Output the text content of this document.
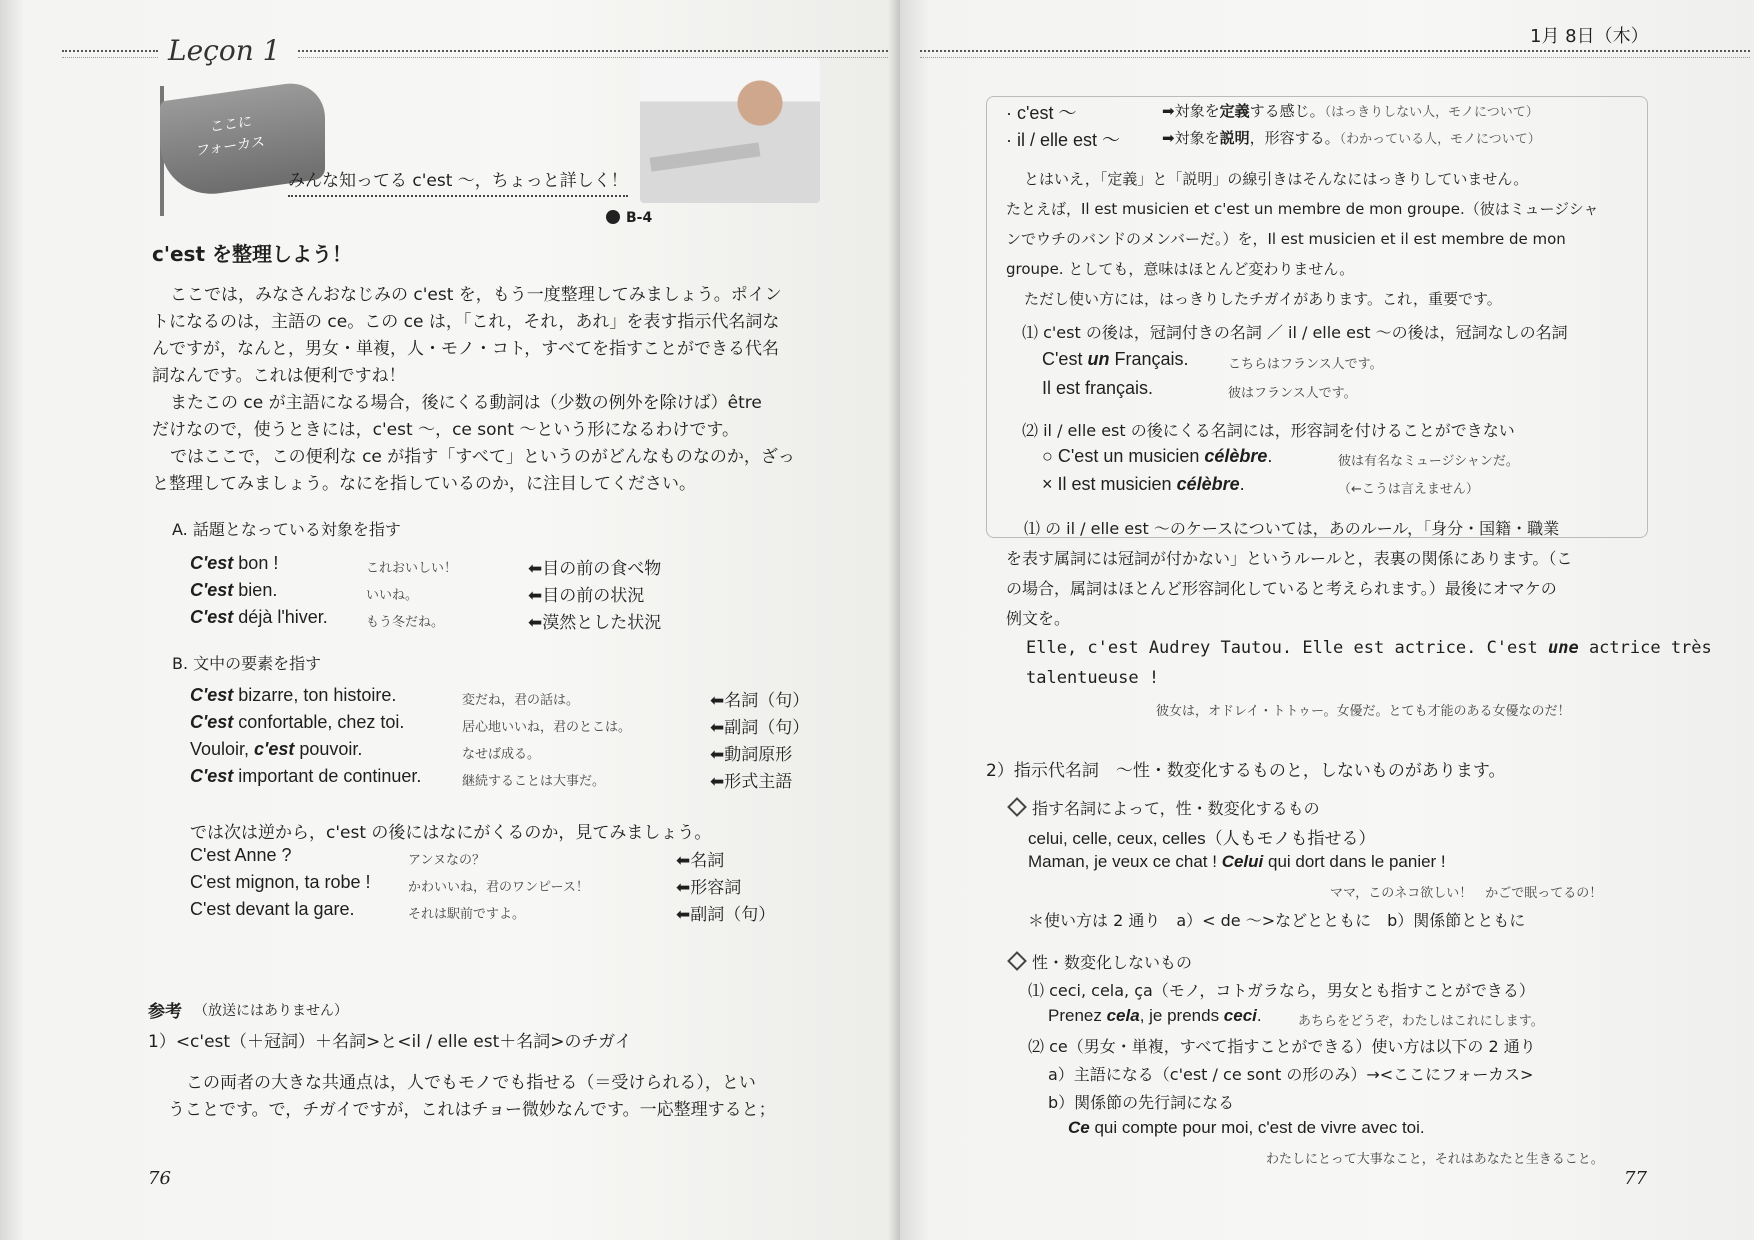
Leçon 1
ここに
フォーカス
みんな知ってる c'est 〜，ちょっと詳しく！
B-4
c'est を整理しよう！
ここでは，みなさんおなじみの c'est を，もう一度整理してみましょう。ポイン
トになるのは，主語の ce。この ce は，「これ，それ，あれ」を表す指示代名詞な
んですが，なんと，男女・単複，人・モノ・コト，すべてを指すことができる代名
詞なんです。これは便利ですね！
またこの ce が主語になる場合，後にくる動詞は（少数の例外を除けば）être
だけなので，使うときには，c'est 〜，ce sont 〜という形になるわけです。
ではここで，この便利な ce が指す「すべて」というのがどんなものなのか，ざっ
と整理してみましょう。なにを指しているのか，に注目してください。
A. 話題となっている対象を指す
C'est bon !	これおいしい！	⬅目の前の食べ物
C'est bien.	いいね。	⬅目の前の状況
C'est déjà l'hiver.	もう冬だね。	⬅漠然とした状況
B. 文中の要素を指す
C'est bizarre, ton histoire.	変だね，君の話は。	⬅名詞（句）
C'est confortable, chez toi.	居心地いいね，君のとこは。	⬅副詞（句）
Vouloir, c'est pouvoir.	なせば成る。	⬅動詞原形
C'est important de continuer.	継続することは大事だ。	⬅形式主語
では次は逆から，c'est の後にはなにがくるのか，見てみましょう。
C'est Anne ?	アンヌなの？	⬅名詞
C'est mignon, ta robe !	かわいいね，君のワンピース！	⬅形容詞
C'est devant la gare.	それは駅前ですよ。	⬅副詞（句）
参考 （放送にはありません）
1）<c'est（＋冠詞）＋名詞>と<il / elle est＋名詞>のチガイ
この両者の大きな共通点は，人でもモノでも指せる（＝受けられる），とい
うことです。で，チガイですが，これはチョー微妙なんです。一応整理すると；
76
1月 8日（木）
· c'est 〜	➡対象を定義する感じ。（はっきりしない人，モノについて）
· il / elle est 〜	➡対象を説明，形容する。（わかっている人，モノについて）
とはいえ，「定義」と「説明」の線引きはそんなにはっきりしていません。
たとえば，Il est musicien et c'est un membre de mon groupe.（彼はミュージシャ
ンでウチのバンドのメンバーだ。）を，Il est musicien et il est membre de mon
groupe. としても，意味はほとんど変わりません。
ただし使い方には，はっきりしたチガイがあります。これ，重要です。
⑴ c'est の後は，冠詞付きの名詞 ／ il / elle est 〜の後は，冠詞なしの名詞
C'est un Français.	こちらはフランス人です。
Il est français.	彼はフランス人です。
⑵ il / elle est の後にくる名詞には，形容詞を付けることができない
○ C'est un musicien célèbre.	彼は有名なミュージシャンだ。
× Il est musicien célèbre.	（←こうは言えません）
⑴ の il / elle est 〜のケースについては，あのルール，「身分・国籍・職業
を表す属詞には冠詞が付かない」というルールと，表裏の関係にあります。（こ
の場合，属詞はほとんど形容詞化していると考えられます。）最後にオマケの
例文を。
Elle, c'est Audrey Tautou. Elle est actrice. C'est une actrice très
talentueuse !
彼女は，オドレイ・トトゥー。女優だ。とても才能のある女優なのだ！
2）指示代名詞　〜性・数変化するものと，しないものがあります。
指す名詞によって，性・数変化するもの
celui, celle, ceux, celles（人もモノも指せる）
Maman, je veux ce chat ! Celui qui dort dans le panier !
ママ，このネコ欲しい！　かごで眠ってるの！
＊使い方は 2 通り　a）< de 〜>などとともに　b）関係節とともに
性・数変化しないもの
⑴ ceci, cela, ça（モノ，コトガラなら，男女とも指すことができる）
Prenez cela, je prends ceci.	あちらをどうぞ，わたしはこれにします。
⑵ ce（男女・単複，すべて指すことができる）使い方は以下の 2 通り
a）主語になる（c'est / ce sont の形のみ）→<ここにフォーカス>
b）関係節の先行詞になる
Ce qui compte pour moi, c'est de vivre avec toi.
わたしにとって大事なこと，それはあなたと生きること。
77
